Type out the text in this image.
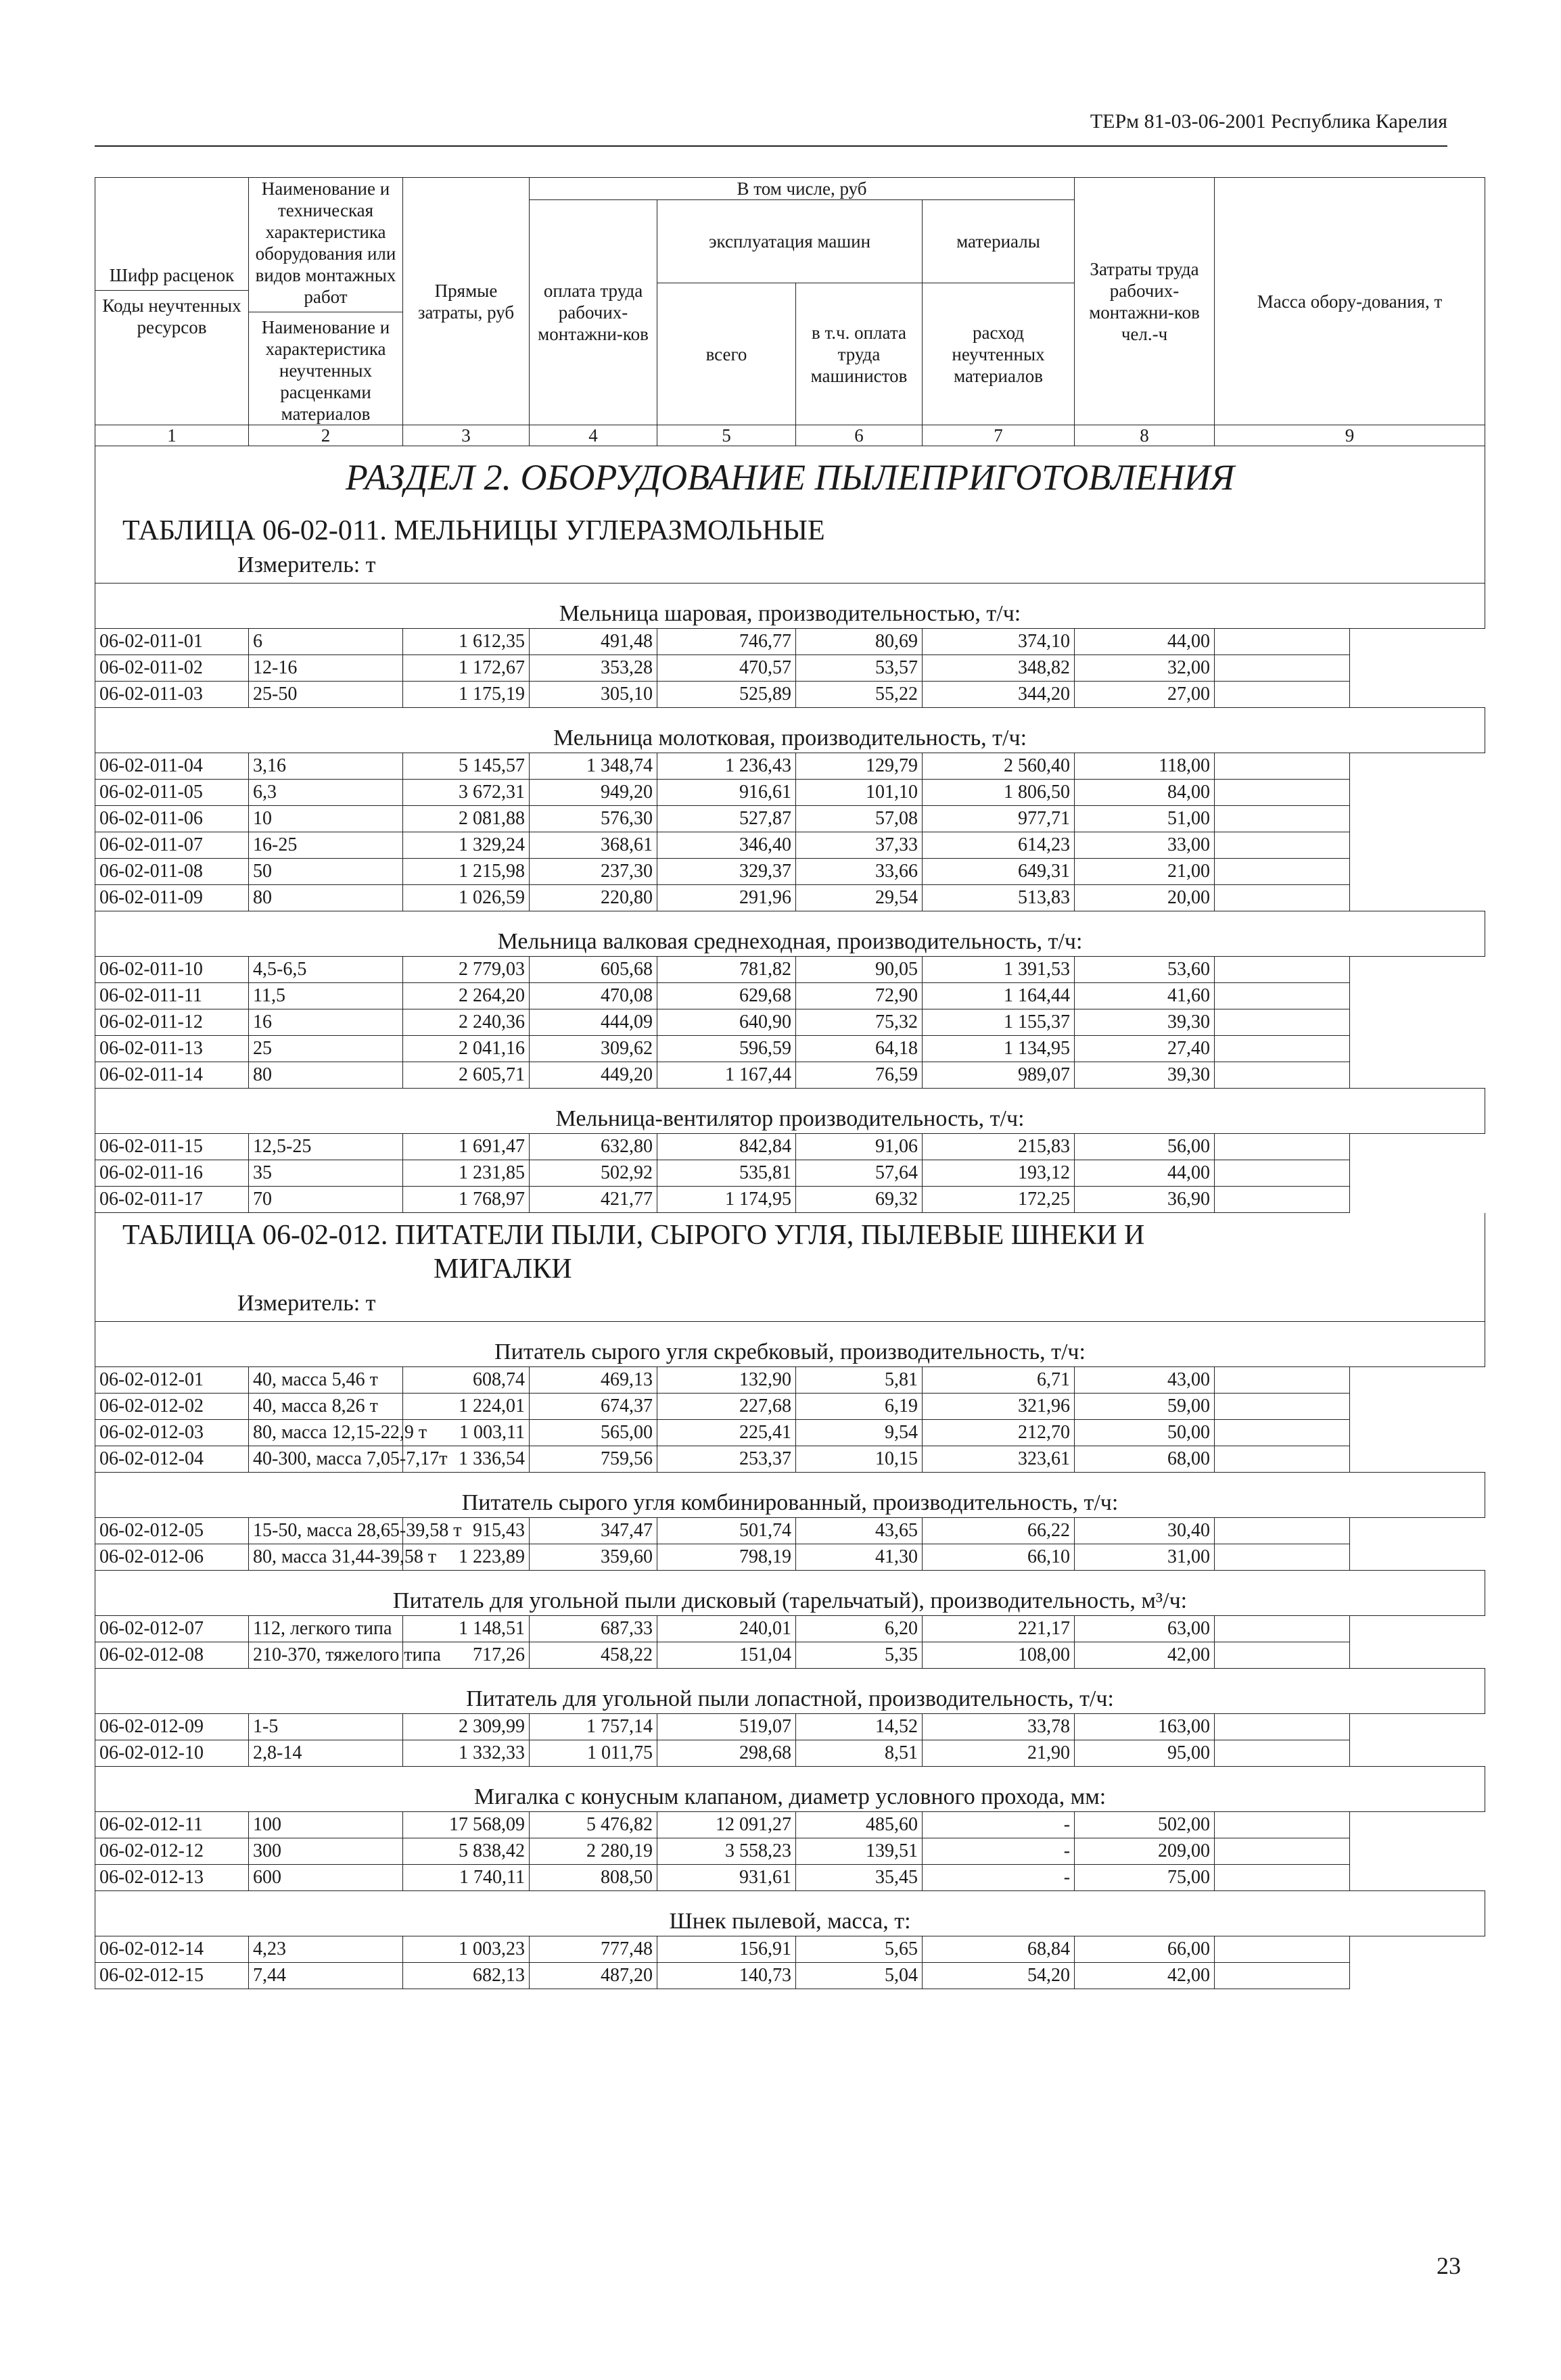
ТЕРм 81-03-06-2001 Республика Карелия
Шифр расценок
Коды неучтенных ресурсов	Наименование и техническая характеристика оборудования или видов монтажных работ
Наименование и характеристика неучтенных расценками материалов	Прямые затраты, руб	В том числе, руб				Затраты труда рабочих-монтажни-ков чел.-ч	Масса обору-дования, т
			оплата труда рабочих-монтажни-ков	эксплуатация машин		материалы		
				всего	в т.ч. оплата труда машинистов	расход неучтенных материалов		
1	2	3	4	5	6	7	8	9
РАЗДЕЛ 2. ОБОРУДОВАНИЕ ПЫЛЕПРИГОТОВЛЕНИЯ								
ТАБЛИЦА 06-02-011. МЕЛЬНИЦЫ УГЛЕРАЗМОЛЬНЫЕ								
Измеритель: т								
Мельница шаровая, производительностью, т/ч:								
06-02-011-01	6	1 612,35	491,48	746,77	80,69	374,10	44,00	
06-02-011-02	12-16	1 172,67	353,28	470,57	53,57	348,82	32,00	
06-02-011-03	25-50	1 175,19	305,10	525,89	55,22	344,20	27,00	
Мельница молотковая, производительность, т/ч:								
06-02-011-04	3,16	5 145,57	1 348,74	1 236,43	129,79	2 560,40	118,00	
06-02-011-05	6,3	3 672,31	949,20	916,61	101,10	1 806,50	84,00	
06-02-011-06	10	2 081,88	576,30	527,87	57,08	977,71	51,00	
06-02-011-07	16-25	1 329,24	368,61	346,40	37,33	614,23	33,00	
06-02-011-08	50	1 215,98	237,30	329,37	33,66	649,31	21,00	
06-02-011-09	80	1 026,59	220,80	291,96	29,54	513,83	20,00	
Мельница валковая среднеходная, производительность, т/ч:								
06-02-011-10	4,5-6,5	2 779,03	605,68	781,82	90,05	1 391,53	53,60	
06-02-011-11	11,5	2 264,20	470,08	629,68	72,90	1 164,44	41,60	
06-02-011-12	16	2 240,36	444,09	640,90	75,32	1 155,37	39,30	
06-02-011-13	25	2 041,16	309,62	596,59	64,18	1 134,95	27,40	
06-02-011-14	80	2 605,71	449,20	1 167,44	76,59	989,07	39,30	
Мельница-вентилятор производительность, т/ч:								
06-02-011-15	12,5-25	1 691,47	632,80	842,84	91,06	215,83	56,00	
06-02-011-16	35	1 231,85	502,92	535,81	57,64	193,12	44,00	
06-02-011-17	70	1 768,97	421,77	1 174,95	69,32	172,25	36,90	
ТАБЛИЦА 06-02-012. ПИТАТЕЛИ ПЫЛИ, СЫРОГО УГЛЯ, ПЫЛЕВЫЕ ШНЕКИ И
МИГАЛКИ								

Измеритель: т								
Питатель сырого угля скребковый, производительность, т/ч:								
06-02-012-01	40, масса 5,46 т	608,74	469,13	132,90	5,81	6,71	43,00	
06-02-012-02	40, масса 8,26 т	1 224,01	674,37	227,68	6,19	321,96	59,00	
06-02-012-03	80, масса 12,15-22,9 т	1 003,11	565,00	225,41	9,54	212,70	50,00	
06-02-012-04	40-300, масса 7,05-7,17т	1 336,54	759,56	253,37	10,15	323,61	68,00	
Питатель сырого угля комбинированный, производительность, т/ч:								
06-02-012-05	15-50, масса 28,65-39,58 т	915,43	347,47	501,74	43,65	66,22	30,40	
06-02-012-06	80, масса 31,44-39,58 т	1 223,89	359,60	798,19	41,30	66,10	31,00	
Питатель для угольной пыли дисковый (тарельчатый), производительность, м³/ч:								
06-02-012-07	112, легкого типа	1 148,51	687,33	240,01	6,20	221,17	63,00	
06-02-012-08	210-370, тяжелого типа	717,26	458,22	151,04	5,35	108,00	42,00	
Питатель для угольной пыли лопастной, производительность, т/ч:								
06-02-012-09	1-5	2 309,99	1 757,14	519,07	14,52	33,78	163,00	
06-02-012-10	2,8-14	1 332,33	1 011,75	298,68	8,51	21,90	95,00	
Мигалка с конусным клапаном, диаметр условного прохода, мм:								
06-02-012-11	100	17 568,09	5 476,82	12 091,27	485,60	-	502,00	
06-02-012-12	300	5 838,42	2 280,19	3 558,23	139,51	-	209,00	
06-02-012-13	600	1 740,11	808,50	931,61	35,45	-	75,00	
Шнек пылевой, масса, т:								
06-02-012-14	4,23	1 003,23	777,48	156,91	5,65	68,84	66,00	
06-02-012-15	7,44	682,13	487,20	140,73	5,04	54,20	42,00	
23
